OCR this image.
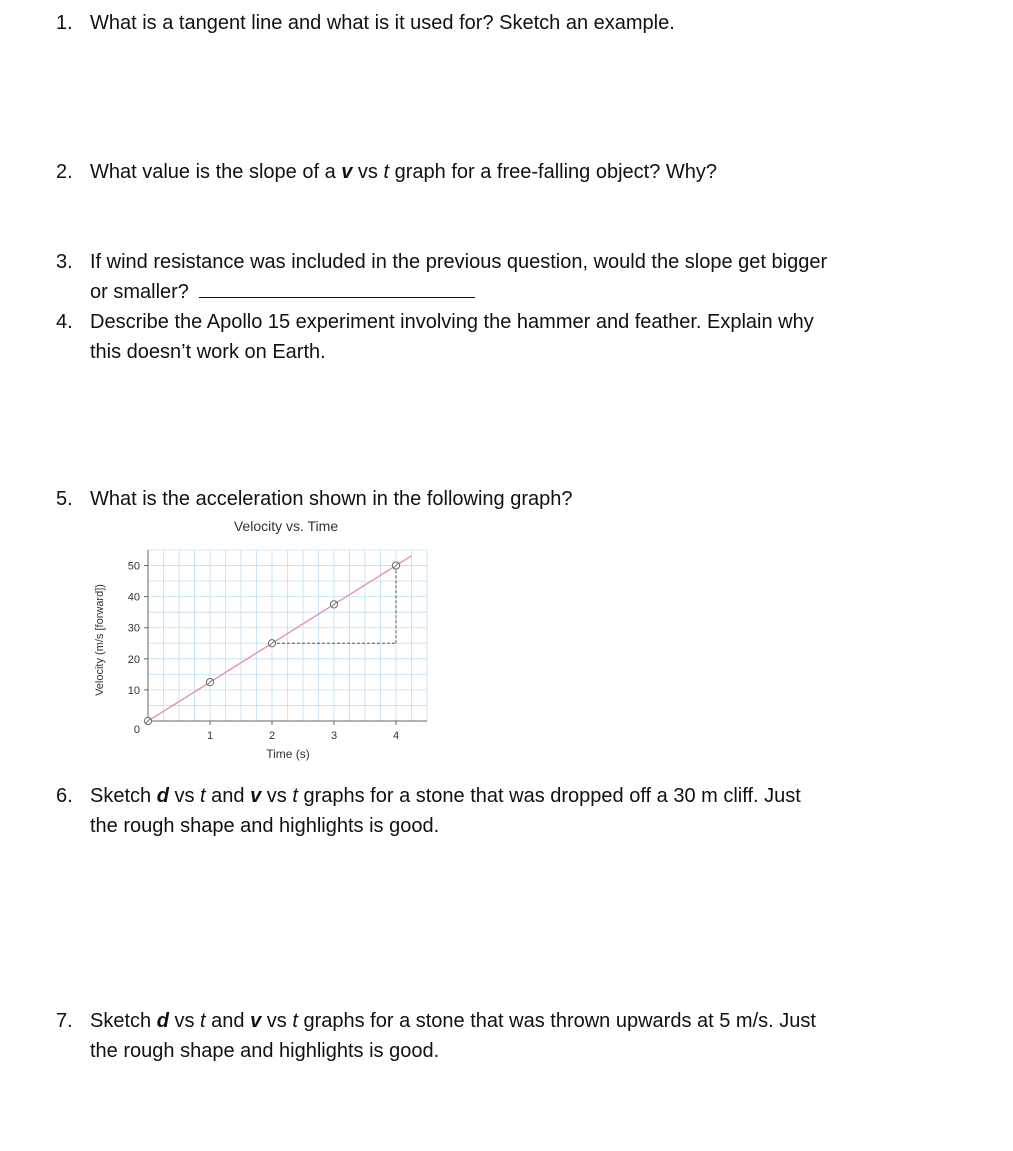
1. What is a tangent line and what is it used for? Sketch an example.
2. What value is the slope of a v vs t graph for a free-falling object? Why?
3. If wind resistance was included in the previous question, would the slope get bigger
or smaller?
4. Describe the Apollo 15 experiment involving the hammer and feather. Explain why
this doesn’t work on Earth.
5. What is the acceleration shown in the following graph?
Velocity vs. Time
1	2	3	4
10
20
30
40
50
0
Time (s)
Velocity (m/s [forward])
6. Sketch d vs t and v vs t graphs for a stone that was dropped off a 30 m cliff. Just
the rough shape and highlights is good.
7. Sketch d vs t and v vs t graphs for a stone that was thrown upwards at 5 m/s. Just
the rough shape and highlights is good.
